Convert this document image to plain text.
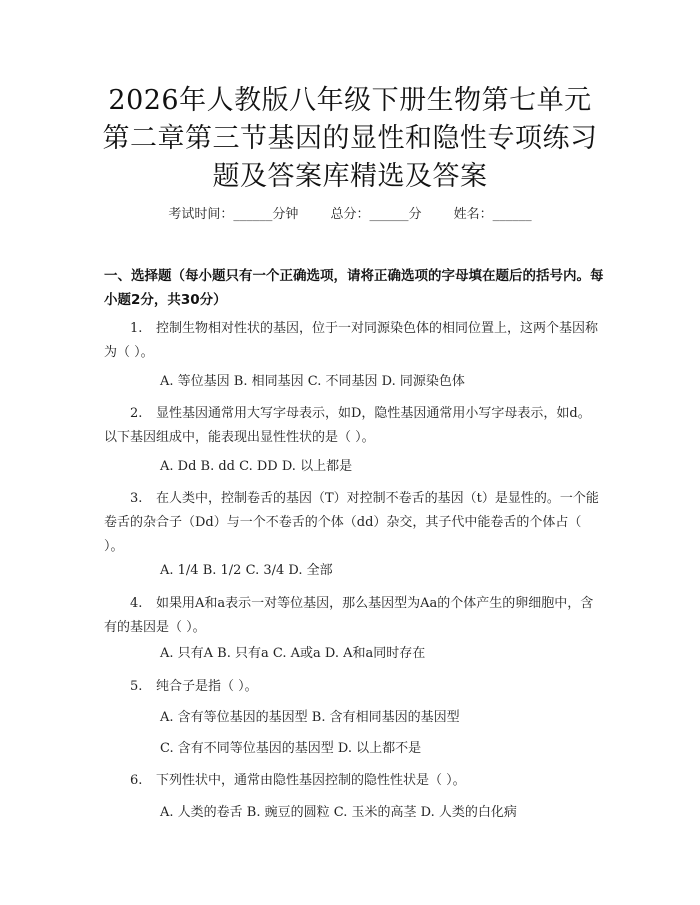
2026年人教版八年级下册生物第七单元第二章第三节基因的显性和隐性专项练习题及答案库精选及答案
考试时间：______分钟 总分：______分 姓名：______
一、选择题（每小题只有一个正确选项，请将正确选项的字母填在题后的括号内。每小题2分，共30分）
1. 控制生物相对性状的基因，位于一对同源染色体的相同位置上，这两个基因称为（ ）。
A. 等位基因 B. 相同基因 C. 不同基因 D. 同源染色体
2. 显性基因通常用大写字母表示，如D，隐性基因通常用小写字母表示，如d。以下基因组成中，能表现出显性性状的是（ ）。
A. Dd B. dd C. DD D. 以上都是
3. 在人类中，控制卷舌的基因（T）对控制不卷舌的基因（t）是显性的。一个能卷舌的杂合子（Dd）与一个不卷舌的个体（dd）杂交，其子代中能卷舌的个体占（ ）。
A. 1/4 B. 1/2 C. 3/4 D. 全部
4. 如果用A和a表示一对等位基因，那么基因型为Aa的个体产生的卵细胞中，含有的基因是（ ）。
A. 只有A B. 只有a C. A或a D. A和a同时存在
5. 纯合子是指（ ）。
A. 含有等位基因的基因型 B. 含有相同基因的基因型
C. 含有不同等位基因的基因型 D. 以上都不是
6. 下列性状中，通常由隐性基因控制的隐性性状是（ ）。
A. 人类的卷舌 B. 豌豆的圆粒 C. 玉米的高茎 D. 人类的白化病
